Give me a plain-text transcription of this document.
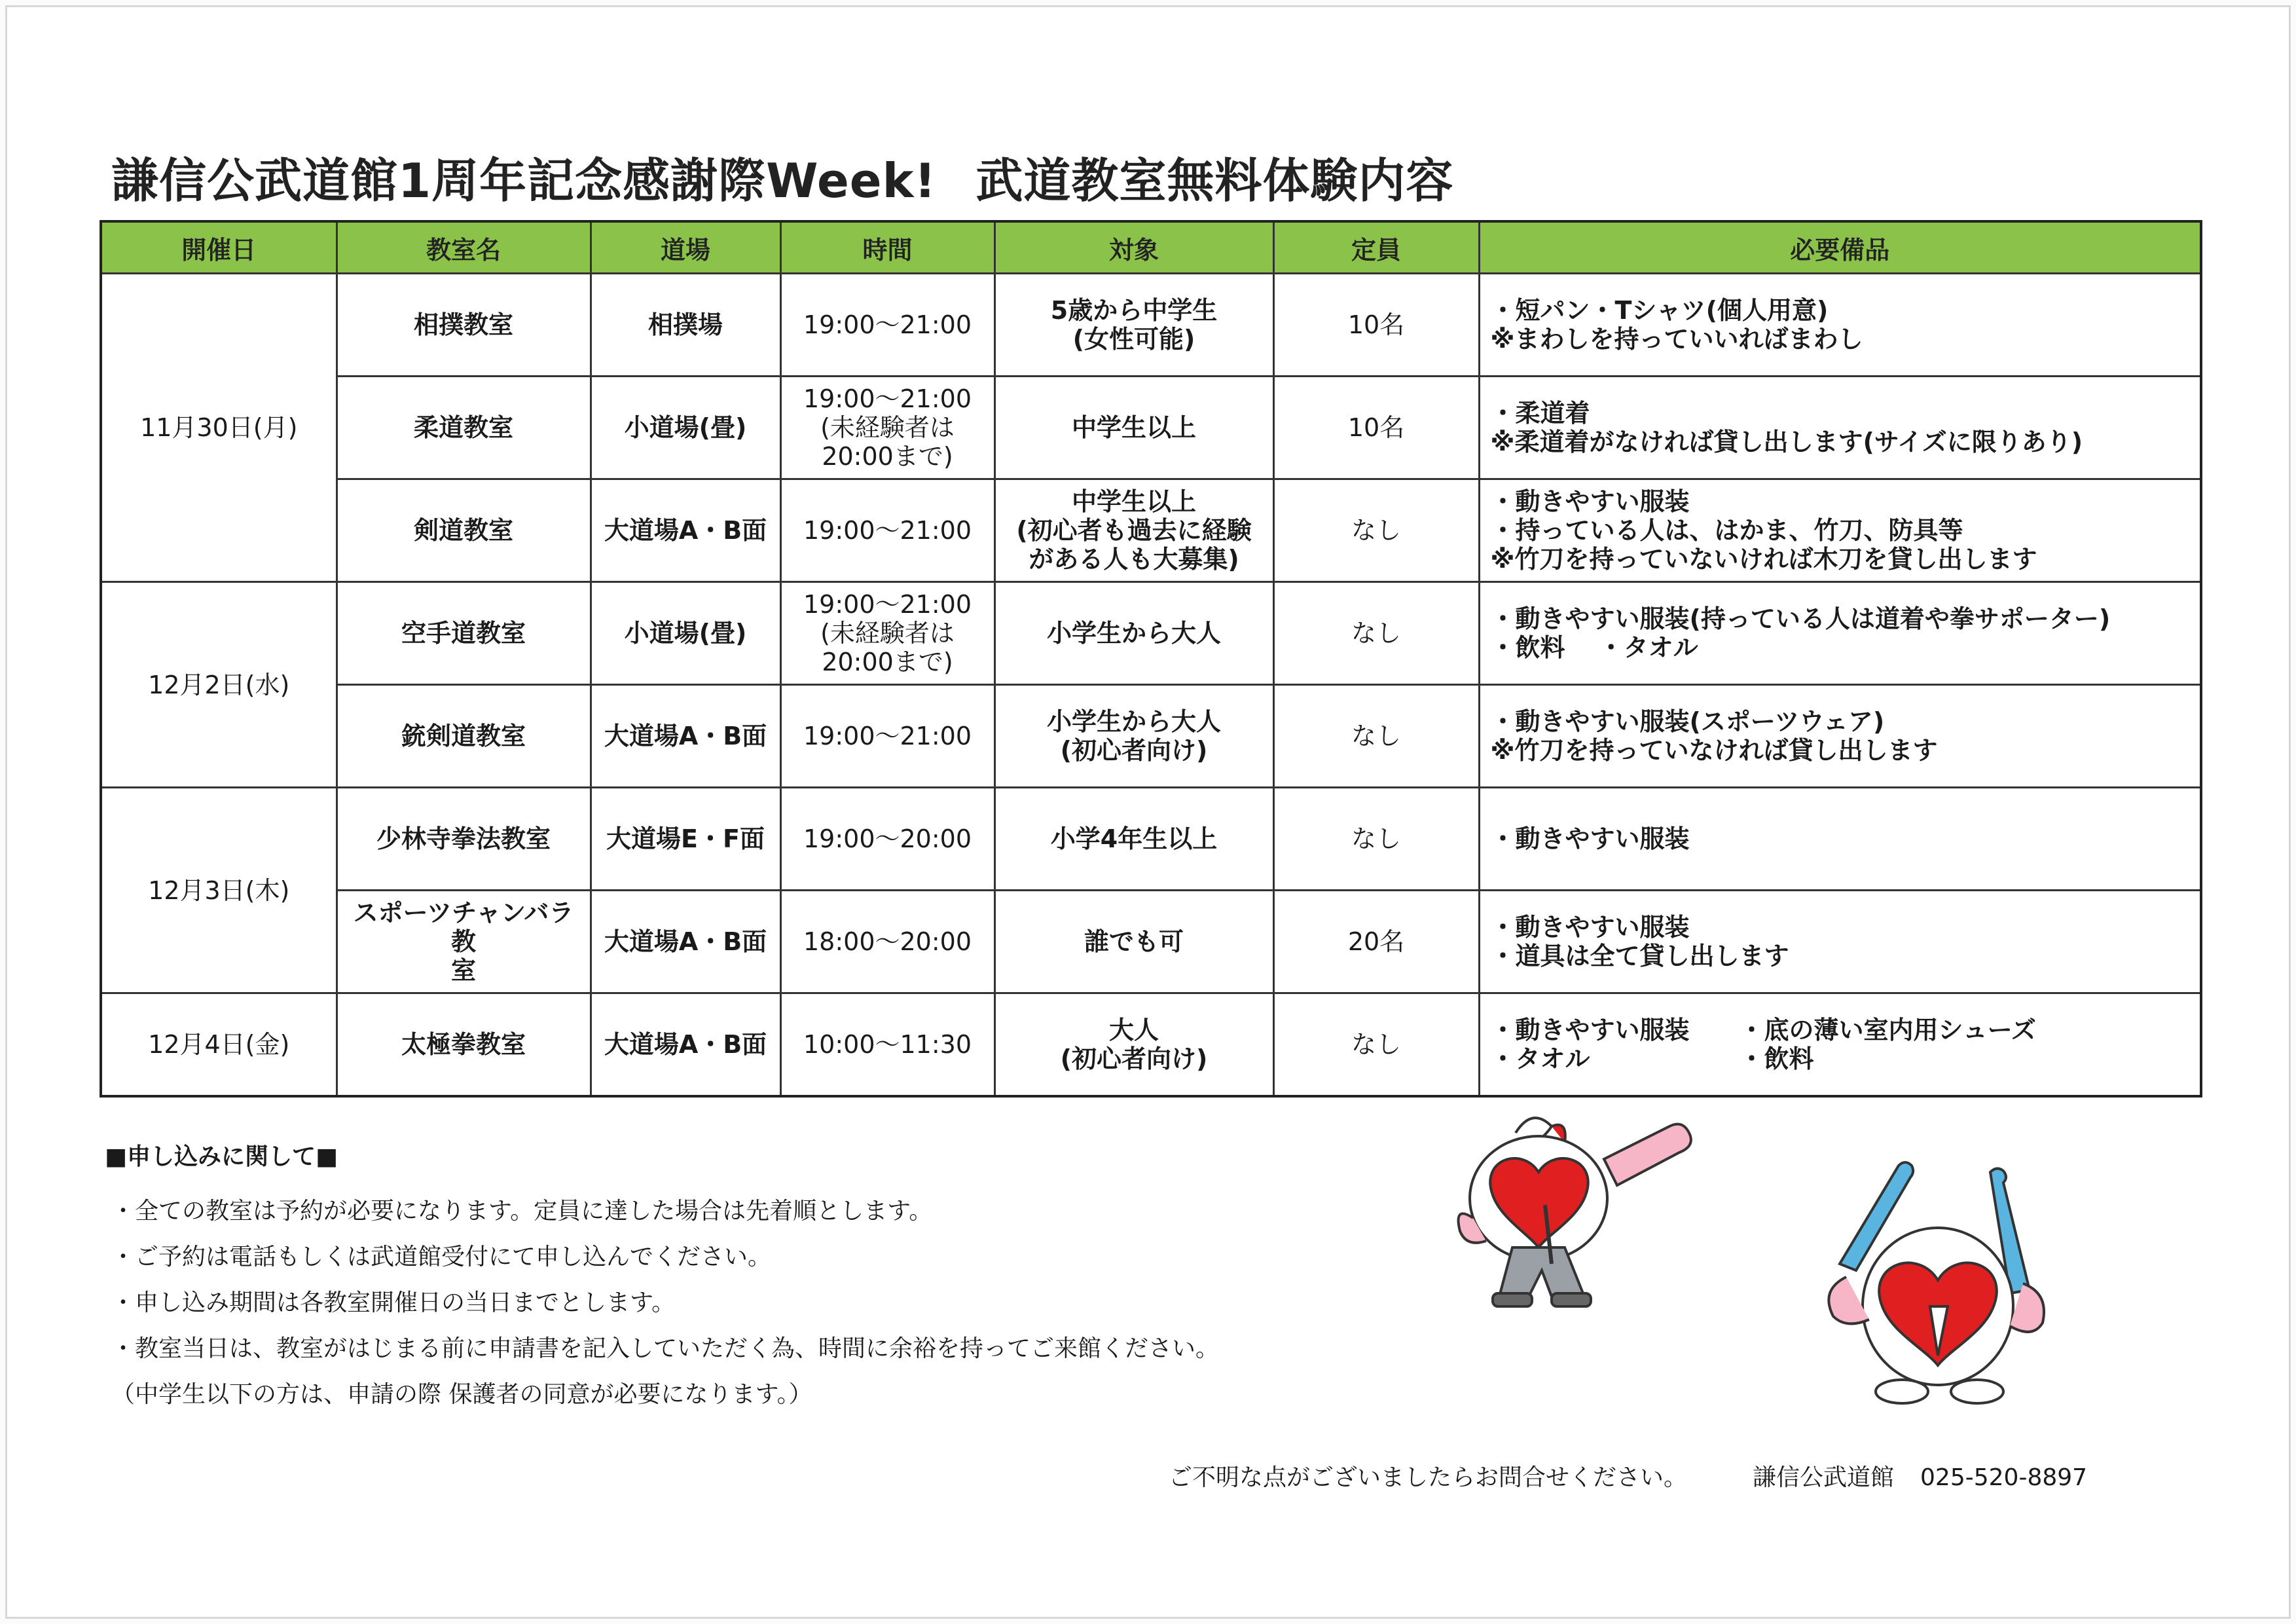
謙信公武道館1周年記念感謝際Week! 武道教室無料体験内容
開催日	教室名	道場	時間	対象	定員	必要備品
11月30日(月)	相撲教室	相撲場	19:00～21:00	5歳から中学生
(女性可能)	10名	・短パン・Tシャツ(個人用意)
※まわしを持っていいればまわし
	柔道教室	小道場(畳)	19:00～21:00
(未経験者は
20:00まで)	中学生以上	10名	・柔道着
※柔道着がなければ貸し出します(サイズに限りあり)
	剣道教室	大道場A・B面	19:00～21:00	中学生以上
(初心者も過去に経験
がある人も大募集)	なし	・動きやすい服装
・持っている人は、はかま、竹刀、防具等
※竹刀を持っていないければ木刀を貸し出します
12月2日(水)	空手道教室	小道場(畳)	19:00～21:00
(未経験者は
20:00まで)	小学生から大人	なし	・動きやすい服装(持っている人は道着や拳サポーター)
・飲料　 ・タオル
	銃剣道教室	大道場A・B面	19:00～21:00	小学生から大人
(初心者向け)	なし	・動きやすい服装(スポーツウェア)
※竹刀を持っていなければ貸し出します
12月3日(木)	少林寺拳法教室	大道場E・F面	19:00～20:00	小学4年生以上	なし	・動きやすい服装
	スポーツチャンバラ教
室	大道場A・B面	18:00～20:00	誰でも可	20名	・動きやすい服装
・道具は全て貸し出します
12月4日(金)	太極拳教室	大道場A・B面	10:00～11:30	大人
(初心者向け)	なし	・動きやすい服装　　・底の薄い室内用シューズ
・タオル　　　　　　・飲料
■申し込みに関して■
・全ての教室は予約が必要になります。定員に達した場合は先着順とします。
・ご予約は電話もしくは武道館受付にて申し込んでください。
・申し込み期間は各教室開催日の当日までとします。
・教室当日は、教室がはじまる前に申請書を記入していただく為、時間に余裕を持ってご来館ください。
（中学生以下の方は、申請の際 保護者の同意が必要になります。）
ご不明な点がございましたらお問合せください。	謙信公武道館 025-520-8897
